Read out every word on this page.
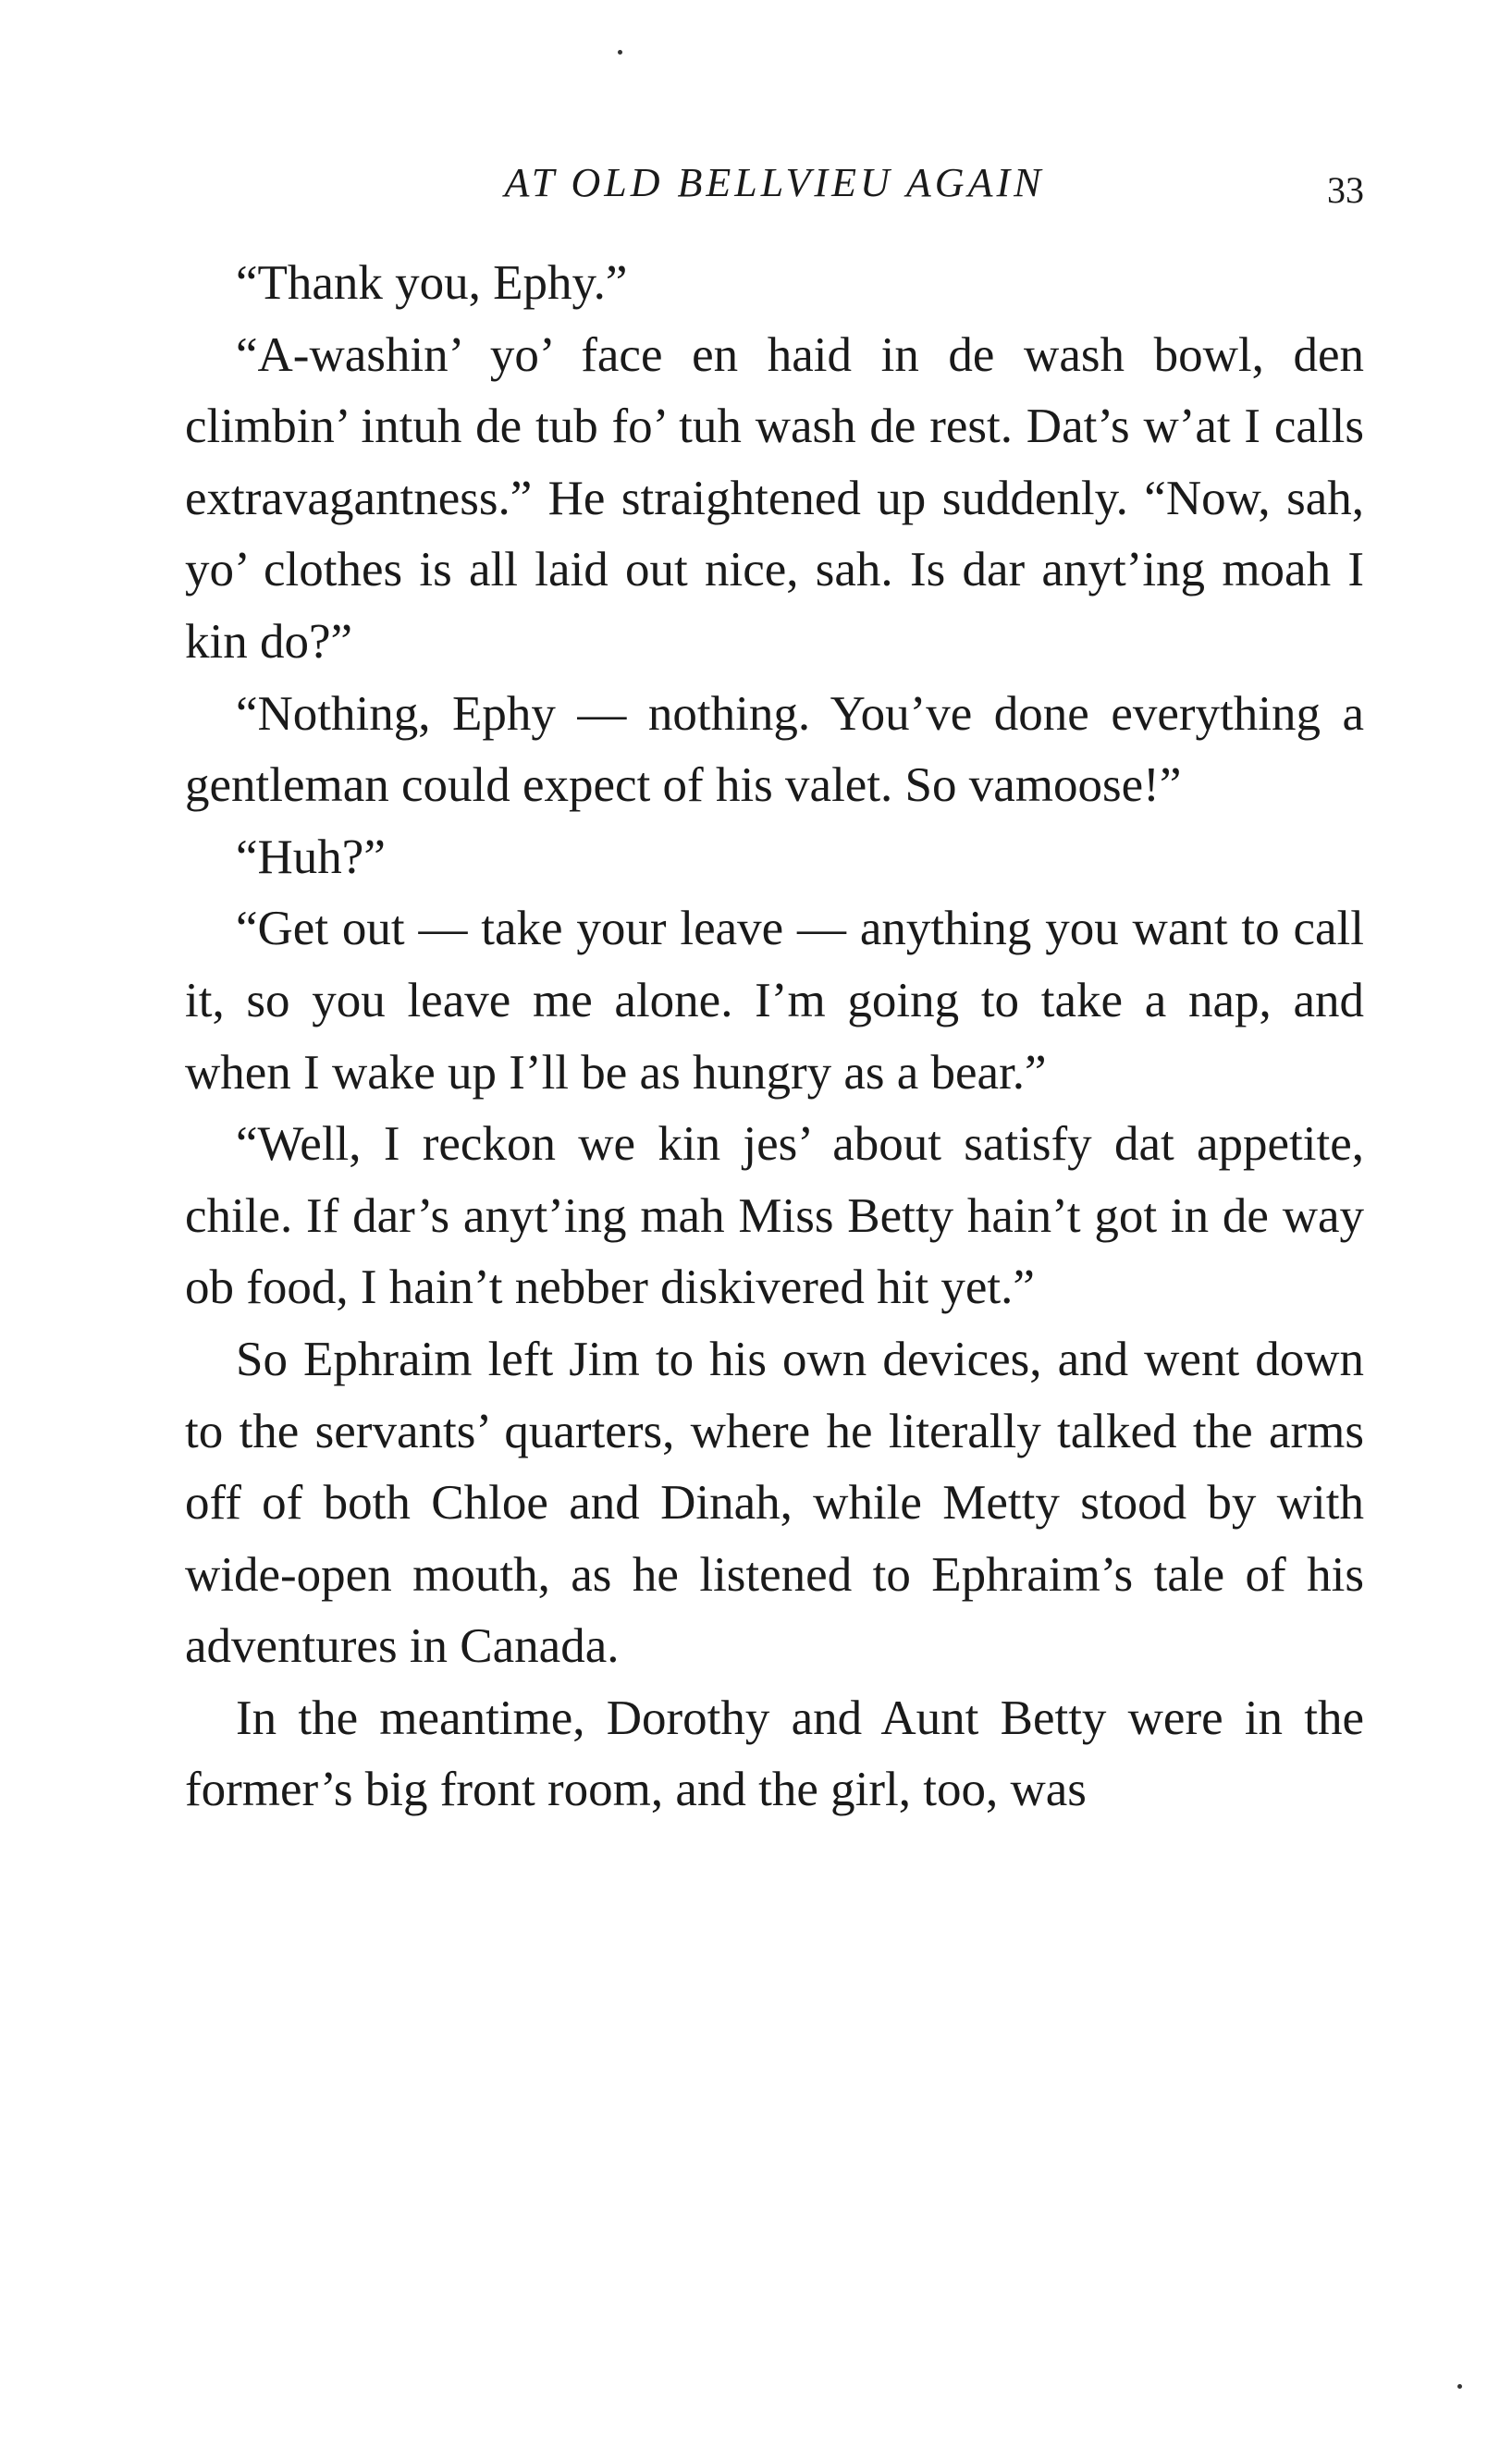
AT OLD BELLVIEU AGAIN	33

“Thank you, Ephy.”

“A-washin’ yo’ face en haid in de wash bowl, den climbin’ intuh de tub fo’ tuh wash de rest. Dat’s w’at I calls extravagantness.” He straightened up suddenly. “Now, sah, yo’ clothes is all laid out nice, sah. Is dar anyt’ing moah I kin do?”

“Nothing, Ephy — nothing. You’ve done everything a gentleman could expect of his valet. So vamoose!”

“Huh?”

“Get out — take your leave — anything you want to call it, so you leave me alone. I’m going to take a nap, and when I wake up I’ll be as hungry as a bear.”

“Well, I reckon we kin jes’ about satisfy dat appetite, chile. If dar’s anyt’ing mah Miss Betty hain’t got in de way ob food, I hain’t nebber diskivered hit yet.”

So Ephraim left Jim to his own devices, and went down to the servants’ quarters, where he literally talked the arms off of both Chloe and Dinah, while Metty stood by with wide-open mouth, as he listened to Ephraim’s tale of his adventures in Canada.

In the meantime, Dorothy and Aunt Betty were in the former’s big front room, and the girl, too, was
